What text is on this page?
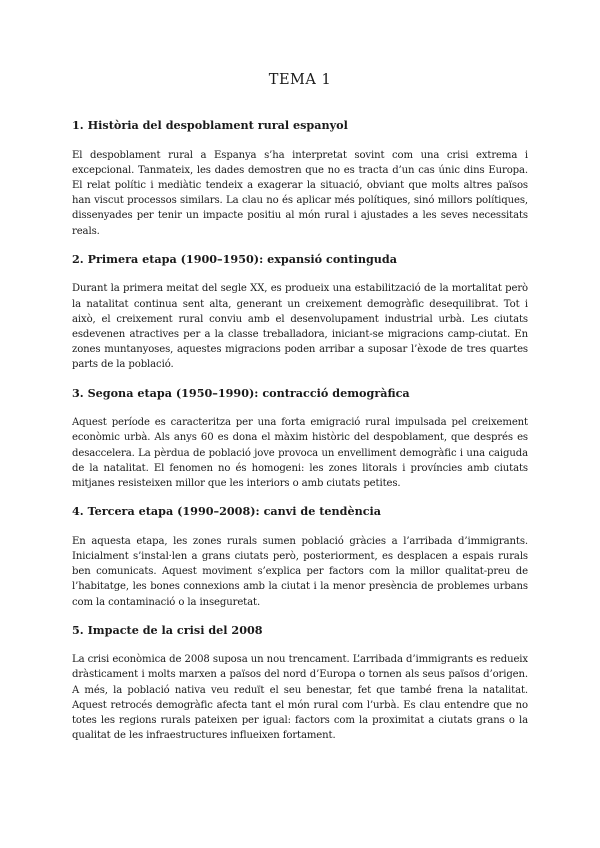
TEMA 1
1. Història del despoblament rural espanyol

El despoblament rural a Espanya s’ha interpretat sovint com una crisi extrema i excepcional. Tanmateix, les dades demostren que no es tracta d’un cas únic dins Europa. El relat polític i mediàtic tendeix a exagerar la situació, obviant que molts altres països han viscut processos similars. La clau no és aplicar més polítiques, sinó millors polítiques, dissenyades per tenir un impacte positiu al món rural i ajustades a les seves necessitats reals.

2. Primera etapa (1900–1950): expansió continguda

Durant la primera meitat del segle XX, es produeix una estabilització de la mortalitat però la natalitat continua sent alta, generant un creixement demogràfic desequilibrat. Tot i això, el creixement rural conviu amb el desenvolupament industrial urbà. Les ciutats esdevenen atractives per a la classe treballadora, iniciant-se migracions camp-ciutat. En zones muntanyoses, aquestes migracions poden arribar a suposar l’èxode de tres quartes parts de la població.

3. Segona etapa (1950–1990): contracció demogràfica

Aquest període es caracteritza per una forta emigració rural impulsada pel creixement econòmic urbà. Als anys 60 es dona el màxim històric del despoblament, que després es desaccelera. La pèrdua de població jove provoca un envelliment demogràfic i una caiguda de la natalitat. El fenomen no és homogeni: les zones litorals i províncies amb ciutats mitjanes resisteixen millor que les interiors o amb ciutats petites.

4. Tercera etapa (1990–2008): canvi de tendència

En aquesta etapa, les zones rurals sumen població gràcies a l’arribada d’immigrants. Inicialment s’instal·len a grans ciutats però, posteriorment, es desplacen a espais rurals ben comunicats. Aquest moviment s’explica per factors com la millor qualitat-preu de l’habitatge, les bones connexions amb la ciutat i la menor presència de problemes urbans com la contaminació o la inseguretat.

5. Impacte de la crisi del 2008

La crisi econòmica de 2008 suposa un nou trencament. L’arribada d’immigrants es redueix dràsticament i molts marxen a països del nord d’Europa o tornen als seus països d’origen. A més, la població nativa veu reduït el seu benestar, fet que també frena la natalitat. Aquest retrocés demogràfic afecta tant el món rural com l’urbà. Es clau entendre que no totes les regions rurals pateixen per igual: factors com la proximitat a ciutats grans o la qualitat de les infraestructures influeixen fortament.
